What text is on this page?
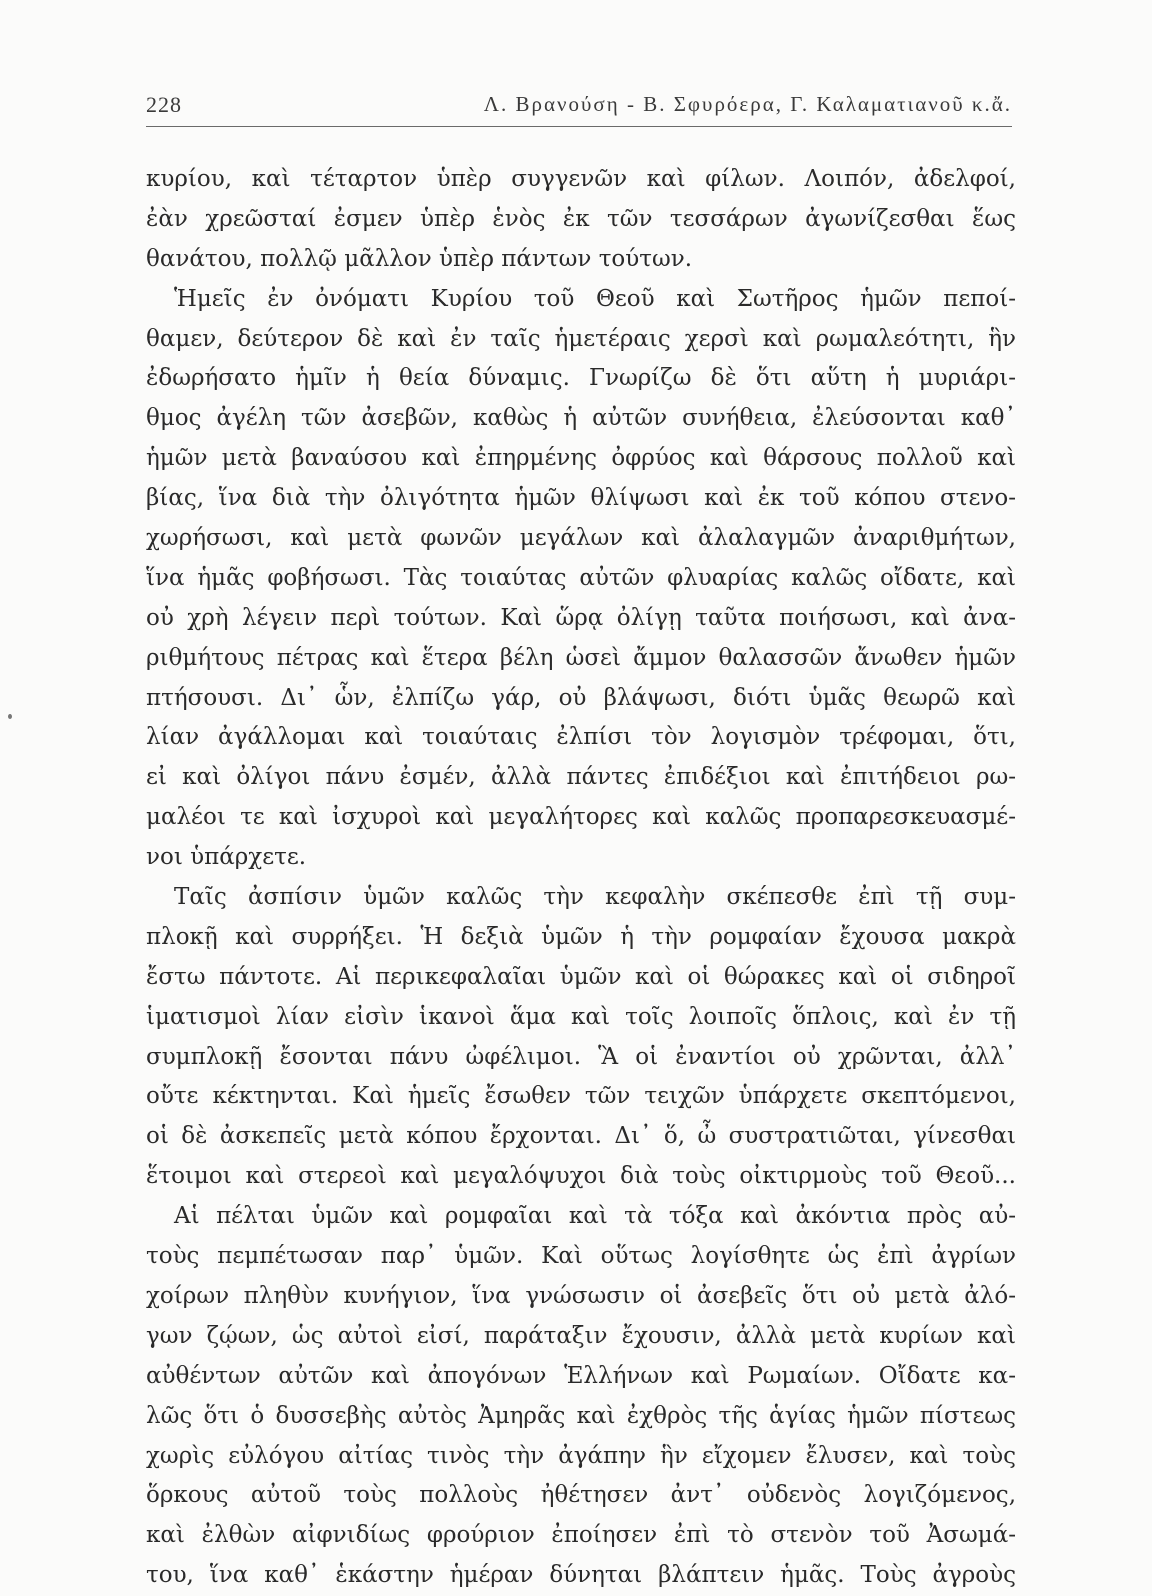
228	Λ. Βρανούση - Β. Σφυρόερα, Γ. Καλαματιανοῦ κ.ἄ.
κυρίου, καὶ τέταρτον ὑπὲρ συγγενῶν καὶ φίλων. Λοιπόν, ἀδελφοί,
ἐὰν χρεῶσταί ἐσμεν ὑπὲρ ἑνὸς ἐκ τῶν τεσσάρων ἀγωνίζεσθαι ἕως
θανάτου, πολλῷ μᾶλλον ὑπὲρ πάντων τούτων.
Ἡμεῖς ἐν ὀνόματι Κυρίου τοῦ Θεοῦ καὶ Σωτῆρος ἡμῶν πεποί-
θαμεν, δεύτερον δὲ καὶ ἐν ταῖς ἡμετέραις χερσὶ καὶ ρωμαλεότητι, ἣν
ἐδωρήσατο ἡμῖν ἡ θεία δύναμις. Γνωρίζω δὲ ὅτι αὕτη ἡ μυριάρι-
θμος ἀγέλη τῶν ἀσεβῶν, καθὼς ἡ αὐτῶν συνήθεια, ἐλεύσονται καθ᾽
ἡμῶν μετὰ βαναύσου καὶ ἐπηρμένης ὀφρύος καὶ θάρσους πολλοῦ καὶ
βίας, ἵνα διὰ τὴν ὀλιγότητα ἡμῶν θλίψωσι καὶ ἐκ τοῦ κόπου στενο-
χωρήσωσι, καὶ μετὰ φωνῶν μεγάλων καὶ ἀλαλαγμῶν ἀναριθμήτων,
ἵνα ἡμᾶς φοβήσωσι. Τὰς τοιαύτας αὐτῶν φλυαρίας καλῶς οἴδατε, καὶ
οὐ χρὴ λέγειν περὶ τούτων. Καὶ ὥρᾳ ὀλίγῃ ταῦτα ποιήσωσι, καὶ ἀνα-
ριθμήτους πέτρας καὶ ἕτερα βέλη ὡσεὶ ἄμμον θαλασσῶν ἄνωθεν ἡμῶν
πτήσουσι. Δι᾽ ὧν, ἐλπίζω γάρ, οὐ βλάψωσι, διότι ὑμᾶς θεωρῶ καὶ
λίαν ἀγάλλομαι καὶ τοιαύταις ἐλπίσι τὸν λογισμὸν τρέφομαι, ὅτι,
εἰ καὶ ὀλίγοι πάνυ ἐσμέν, ἀλλὰ πάντες ἐπιδέξιοι καὶ ἐπιτήδειοι ρω-
μαλέοι τε καὶ ἰσχυροὶ καὶ μεγαλήτορες καὶ καλῶς προπαρεσκευασμέ-
νοι ὑπάρχετε.
Ταῖς ἀσπίσιν ὑμῶν καλῶς τὴν κεφαλὴν σκέπεσθε ἐπὶ τῇ συμ-
πλοκῇ καὶ συρρήξει. Ἡ δεξιὰ ὑμῶν ἡ τὴν ρομφαίαν ἔχουσα μακρὰ
ἔστω πάντοτε. Αἱ περικεφαλαῖαι ὑμῶν καὶ οἱ θώρακες καὶ οἱ σιδηροῖ
ἱματισμοὶ λίαν εἰσὶν ἱκανοὶ ἅμα καὶ τοῖς λοιποῖς ὅπλοις, καὶ ἐν τῇ
συμπλοκῇ ἔσονται πάνυ ὠφέλιμοι. Ἃ οἱ ἐναντίοι οὐ χρῶνται, ἀλλ᾽
οὔτε κέκτηνται. Καὶ ἡμεῖς ἔσωθεν τῶν τειχῶν ὑπάρχετε σκεπτόμενοι,
οἱ δὲ ἀσκεπεῖς μετὰ κόπου ἔρχονται. Δι᾽ ὅ, ὦ συστρατιῶται, γίνεσθαι
ἕτοιμοι καὶ στερεοὶ καὶ μεγαλόψυχοι διὰ τοὺς οἰκτιρμοὺς τοῦ Θεοῦ...
Αἱ πέλται ὑμῶν καὶ ρομφαῖαι καὶ τὰ τόξα καὶ ἀκόντια πρὸς αὐ-
τοὺς πεμπέτωσαν παρ᾽ ὑμῶν. Καὶ οὕτως λογίσθητε ὡς ἐπὶ ἀγρίων
χοίρων πληθὺν κυνήγιον, ἵνα γνώσωσιν οἱ ἀσεβεῖς ὅτι οὐ μετὰ ἀλό-
γων ζῴων, ὡς αὐτοὶ εἰσί, παράταξιν ἔχουσιν, ἀλλὰ μετὰ κυρίων καὶ
αὐθέντων αὐτῶν καὶ ἀπογόνων Ἑλλήνων καὶ Ρωμαίων. Οἴδατε κα-
λῶς ὅτι ὁ δυσσεβὴς αὐτὸς Ἀμηρᾶς καὶ ἐχθρὸς τῆς ἁγίας ἡμῶν πίστεως
χωρὶς εὐλόγου αἰτίας τινὸς τὴν ἀγάπην ἣν εἴχομεν ἔλυσεν, καὶ τοὺς
ὅρκους αὐτοῦ τοὺς πολλοὺς ἠθέτησεν ἀντ᾽ οὐδενὸς λογιζόμενος,
καὶ ἐλθὼν αἰφνιδίως φρούριον ἐποίησεν ἐπὶ τὸ στενὸν τοῦ Ἀσωμά-
του, ἵνα καθ᾽ ἑκάστην ἡμέραν δύνηται βλάπτειν ἡμᾶς. Τοὺς ἀγροὺς
